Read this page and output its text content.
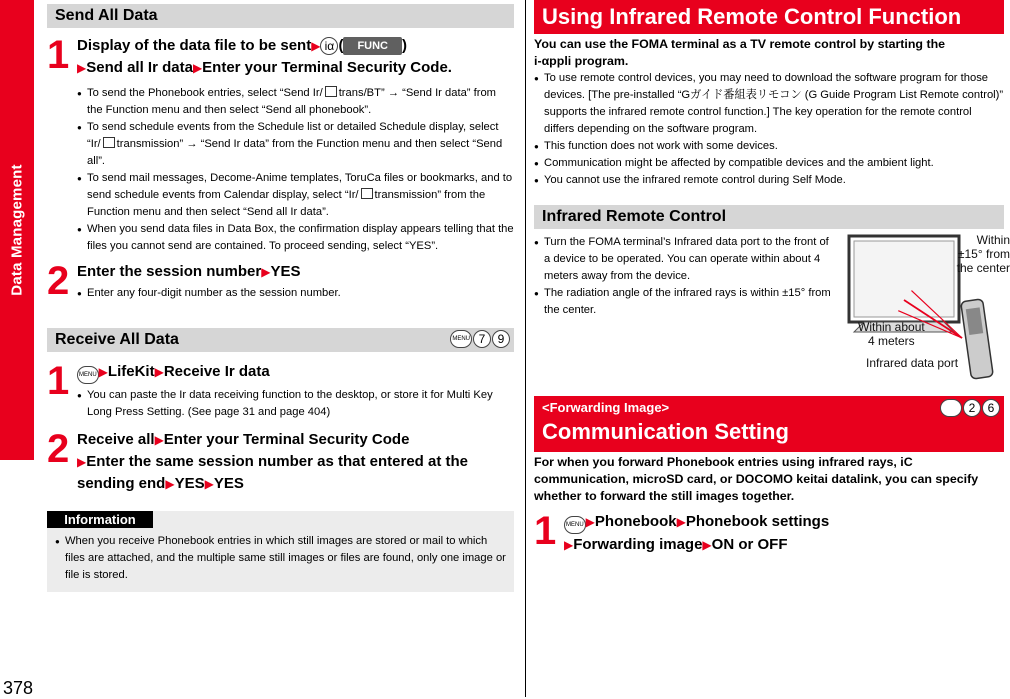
Data Management
378
Send All Data
1 Display of the data file to be sent▶ iα ( FUNC )
▶Send all Ir data▶Enter your Terminal Security Code.
● To send the Phonebook entries, select “Send Ir/ trans/BT” → “Send Ir data” from the Function menu and then select “Send all phonebook”.
● To send schedule events from the Schedule list or detailed Schedule display, select “Ir/ transmission” → “Send Ir data” from the Function menu and then select “Send all”.
● To send mail messages, Decome-Anime templates, ToruCa files or bookmarks, and to send schedule events from Calendar display, select “Ir/ transmission” from the Function menu and then select “Send all Ir data”.
● When you send data files in Data Box, the confirmation display appears telling that the files you cannot send are contained. To proceed sending, select “YES”.
2 Enter the session number▶YES
● Enter any four-digit number as the session number.
Receive All Data	MENU 7	9
1	MENU ▶LifeKit▶Receive Ir data
● You can paste the Ir data receiving function to the desktop, or store it for Multi Key Long Press Setting. (See page 31 and page 404)
2 Receive all▶Enter your Terminal Security Code
▶Enter the same session number as that entered at the sending end▶YES▶YES
Information
● When you receive Phonebook entries in which still images are stored or mail to which files are attached, and the multiple same still images or files are found, only one image or file is stored.
Using Infrared Remote Control Function
You can use the FOMA terminal as a TV remote control by starting the
i-αppli program.
● To use remote control devices, you may need to download the software program for those devices. [The pre-installed “Gガイド番組表リモコン (G Guide Program List Remote control)” supports the infrared remote control function.] The key operation for the remote control differs depending on the software program.
● This function does not work with some devices.
● Communication might be affected by compatible devices and the ambient light.
● You cannot use the infrared remote control during Self Mode.
Infrared Remote Control
● Turn the FOMA terminal’s Infrared data port to the front of a device to be operated. You can operate within about 4 meters away from the device.
● The radiation angle of the infrared rays is within ±15° from the center.
Within
±15° from
the center
Within about
4 meters
Infrared data port
<Forwarding Image>
Communication Setting
MENU 2	6
For when you forward Phonebook entries using infrared rays, iC communication, microSD card, or DOCOMO keitai datalink, you can specify whether to forward the still images together.
1	MENU ▶Phonebook▶Phonebook settings
▶Forwarding image▶ON or OFF
